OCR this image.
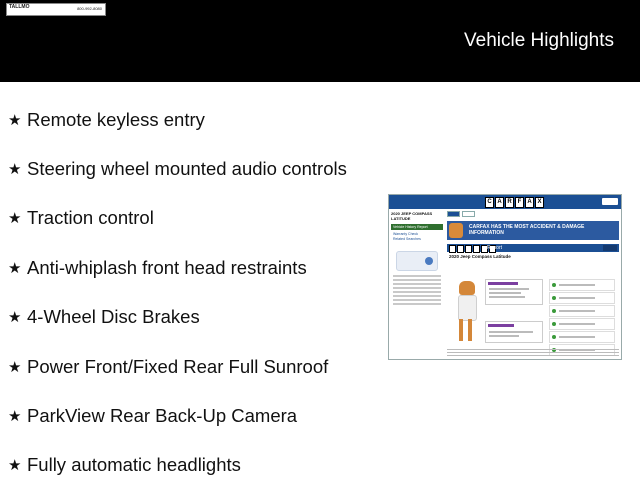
TALLMO	800-992-8080
Vehicle Highlights
★ Remote keyless entry
★ Steering wheel mounted audio controls
★ Traction control
★ Anti-whiplash front head restraints
★ 4-Wheel Disc Brakes
★ Power Front/Fixed Rear Full Sunroof
★ ParkView Rear Back-Up Camera
★ Fully automatic headlights
C A R F	A X
2020 JEEP COMPASS LATITUDE
Vehicle History Report
Warranty Check
Related Searches
CARFAX HAS THE MOST ACCIDENT & DAMAGE INFORMATION
Report
2020 Jeep Compass Latitude
